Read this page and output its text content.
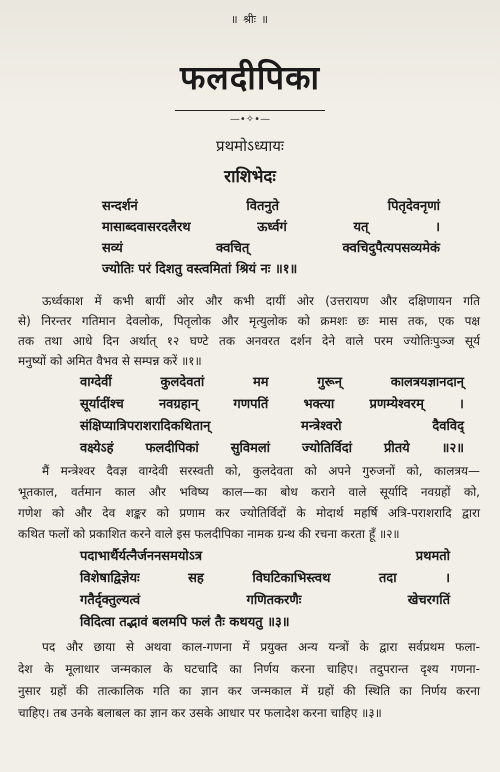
॥ श्रीः ॥
फलदीपिका
—•✧•—
प्रथमोऽध्यायः
राशिभेदः
सन्दर्शनं वितनुते पितृदेवनृणां
मासाब्दवासरदलैरथ ऊर्ध्वगं यत् ।
सव्यं क्वचित् क्वचिदुपैत्यपसव्यमेकं
ज्योतिः परं दिशतु वस्त्वमितां श्रियं नः ॥१॥
ऊर्ध्वकाश में कभी बायीं ओर और कभी दायीं ओर (उत्तरायण और दक्षिणायन गति
से) निरन्तर गतिमान देवलोक, पितृलोक और मृत्युलोक को क्रमशः छः मास तक, एक पक्ष
तक तथा आधे दिन अर्थात् १२ घण्टे तक अनवरत दर्शन देने वाले परम ज्योतिःपुञ्ज सूर्य
मनुष्यों को अमित वैभव से सम्पन्न करें ॥१॥
वाग्देवीं कुलदेवतां मम गुरून् कालत्रयज्ञानदान्
सूर्यादींश्च नवग्रहान् गणपतिं भक्त्या प्रणम्येश्वरम् ।
संक्षिप्यात्रिपराशरादिकथितान् मन्त्रेश्वरो दैवविद्
वक्ष्येऽहं फलदीपिकां सुविमलां ज्योतिर्विदां प्रीतये ॥२॥
मैं मन्त्रेश्वर दैवज्ञ वाग्देवी सरस्वती को, कुलदेवता को अपने गुरुजनों को, कालत्रय—
भूतकाल, वर्तमान काल और भविष्य काल—का बोध कराने वाले सूर्यादि नवग्रहों को,
गणेश को और देव शङ्कर को प्रणाम कर ज्योतिर्विदों के मोदार्थ महर्षि अत्रि-पराशरादि द्वारा
कथित फलों को प्रकाशित करने वाले इस फलदीपिका नामक ग्रन्थ की रचना करता हूँ ॥२॥
पदाभार्थैर्यत्नैर्जननसमयोऽत्र प्रथमतो
विशेषाद्विज्ञेयः सह विघटिकाभिस्त्वथ तदा ।
गतैर्दृक्तुल्यत्वं गणितकरणैः खेचरगतिं
विदित्वा तद्भावं बलमपि फलं तैः कथयतु ॥३॥
पद और छाया से अथवा काल-गणना में प्रयुक्त अन्य यन्त्रों के द्वारा सर्वप्रथम फला-
देश के मूलाधार जन्मकाल के घटचादि का निर्णय करना चाहिए। तदुपरान्त दृश्य गणना-
नुसार ग्रहों की तात्कालिक गति का ज्ञान कर जन्मकाल में ग्रहों की स्थिति का निर्णय करना
चाहिए। तब उनके बलाबल का ज्ञान कर उसके आधार पर फलादेश करना चाहिए ॥३॥
